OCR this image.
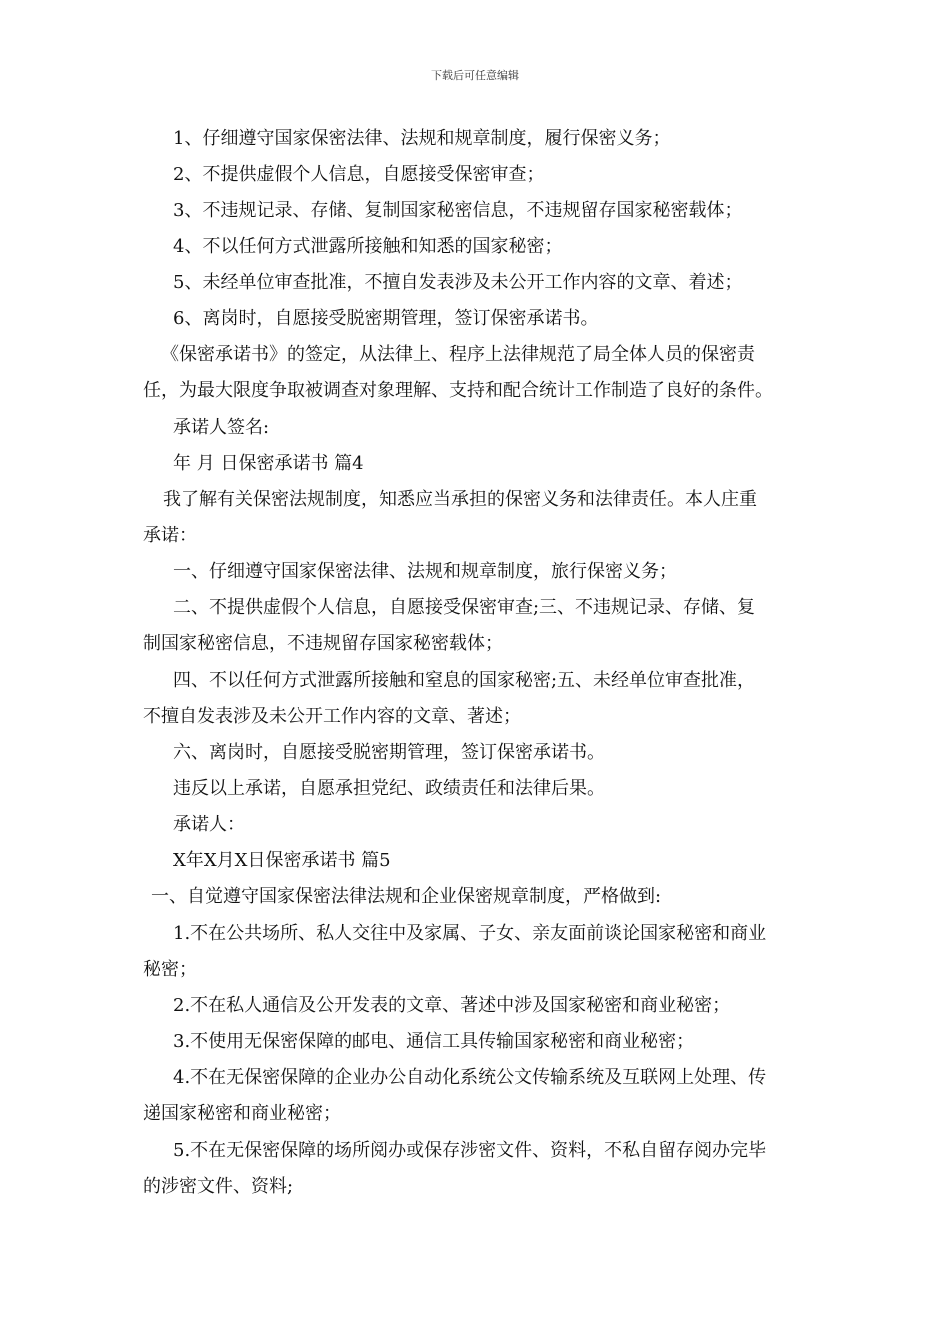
下载后可任意编辑
1、仔细遵守国家保密法律、法规和规章制度，履行保密义务；
2、不提供虚假个人信息，自愿接受保密审查；
3、不违规记录、存储、复制国家秘密信息，不违规留存国家秘密载体；
4、不以任何方式泄露所接触和知悉的国家秘密；
5、未经单位审查批准，不擅自发表涉及未公开工作内容的文章、着述；
6、离岗时，自愿接受脱密期管理，签订保密承诺书。
《保密承诺书》的签定，从法律上、程序上法律规范了局全体人员的保密责
任，为最大限度争取被调查对象理解、支持和配合统计工作制造了良好的条件。
承诺人签名:
年 月 日保密承诺书 篇4
我了解有关保密法规制度，知悉应当承担的保密义务和法律责任。本人庄重
承诺：
一、仔细遵守国家保密法律、法规和规章制度，旅行保密义务；
二、不提供虚假个人信息，自愿接受保密审查;三、不违规记录、存储、复
制国家秘密信息，不违规留存国家秘密载体；
四、不以任何方式泄露所接触和窒息的国家秘密;五、未经单位审查批准，
不擅自发表涉及未公开工作内容的文章、著述；
六、离岗时，自愿接受脱密期管理，签订保密承诺书。
违反以上承诺，自愿承担党纪、政绩责任和法律后果。
承诺人：
X年X月X日保密承诺书 篇5
一、自觉遵守国家保密法律法规和企业保密规章制度，严格做到:
1.不在公共场所、私人交往中及家属、子女、亲友面前谈论国家秘密和商业
秘密；
2.不在私人通信及公开发表的文章、著述中涉及国家秘密和商业秘密；
3.不使用无保密保障的邮电、通信工具传输国家秘密和商业秘密；
4.不在无保密保障的企业办公自动化系统公文传输系统及互联网上处理、传
递国家秘密和商业秘密；
5.不在无保密保障的场所阅办或保存涉密文件、资料，不私自留存阅办完毕
的涉密文件、资料;
